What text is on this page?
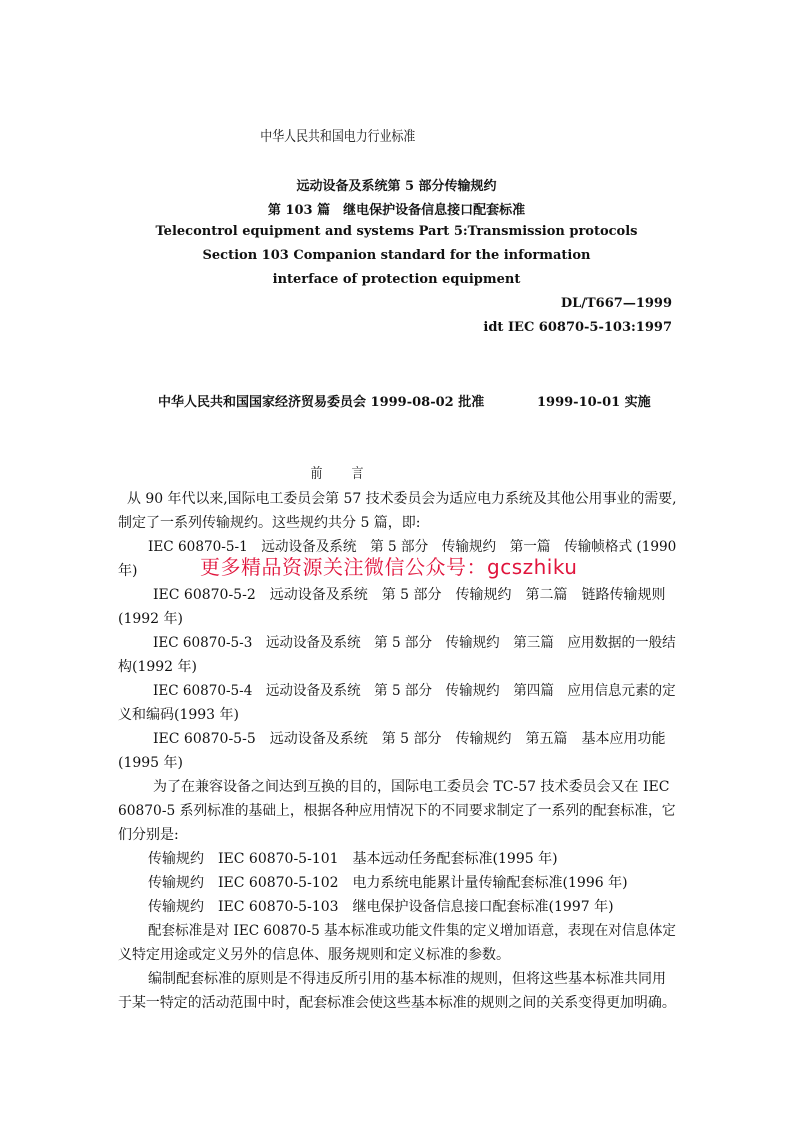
中华人民共和国电力行业标准
远动设备及系统第 5 部分传输规约
第 103 篇　继电保护设备信息接口配套标准
Telecontrol equipment and systems Part 5:Transmission protocols
Section 103 Companion standard for the information
interface of protection equipment
DL/T667—1999
idt IEC 60870-5-103:1997
中华人民共和国国家经济贸易委员会 1999-08-02 批准	1999-10-01 实施
前　　言
从 90 年代以来,国际电工委员会第 57 技术委员会为适应电力系统及其他公用事业的需要,
制定了一系列传输规约。这些规约共分 5 篇，即:
IEC 60870-5-1　远动设备及系统　第 5 部分　传输规约　第一篇　传输帧格式 (1990
年)	更多精品资源关注微信公众号：gcszhiku
IEC 60870-5-2　远动设备及系统　第 5 部分　传输规约　第二篇　链路传输规则
(1992 年)
IEC 60870-5-3　远动设备及系统　第 5 部分　传输规约　第三篇　应用数据的一般结
构(1992 年)
IEC 60870-5-4　远动设备及系统　第 5 部分　传输规约　第四篇　应用信息元素的定
义和编码(1993 年)
IEC 60870-5-5　远动设备及系统　第 5 部分　传输规约　第五篇　基本应用功能
(1995 年)
为了在兼容设备之间达到互换的目的，国际电工委员会 TC-57 技术委员会又在 IEC
60870-5 系列标准的基础上，根据各种应用情况下的不同要求制定了一系列的配套标准，它
们分别是:
传输规约　IEC 60870-5-101　基本远动任务配套标准(1995 年)
传输规约　IEC 60870-5-102　电力系统电能累计量传输配套标准(1996 年)
传输规约　IEC 60870-5-103　继电保护设备信息接口配套标准(1997 年)
配套标准是对 IEC 60870-5 基本标准或功能文件集的定义增加语意，表现在对信息体定
义特定用途或定义另外的信息体、服务规则和定义标准的参数。
编制配套标准的原则是不得违反所引用的基本标准的规则，但将这些基本标准共同用
于某一特定的活动范围中时，配套标准会使这些基本标准的规则之间的关系变得更加明确。
